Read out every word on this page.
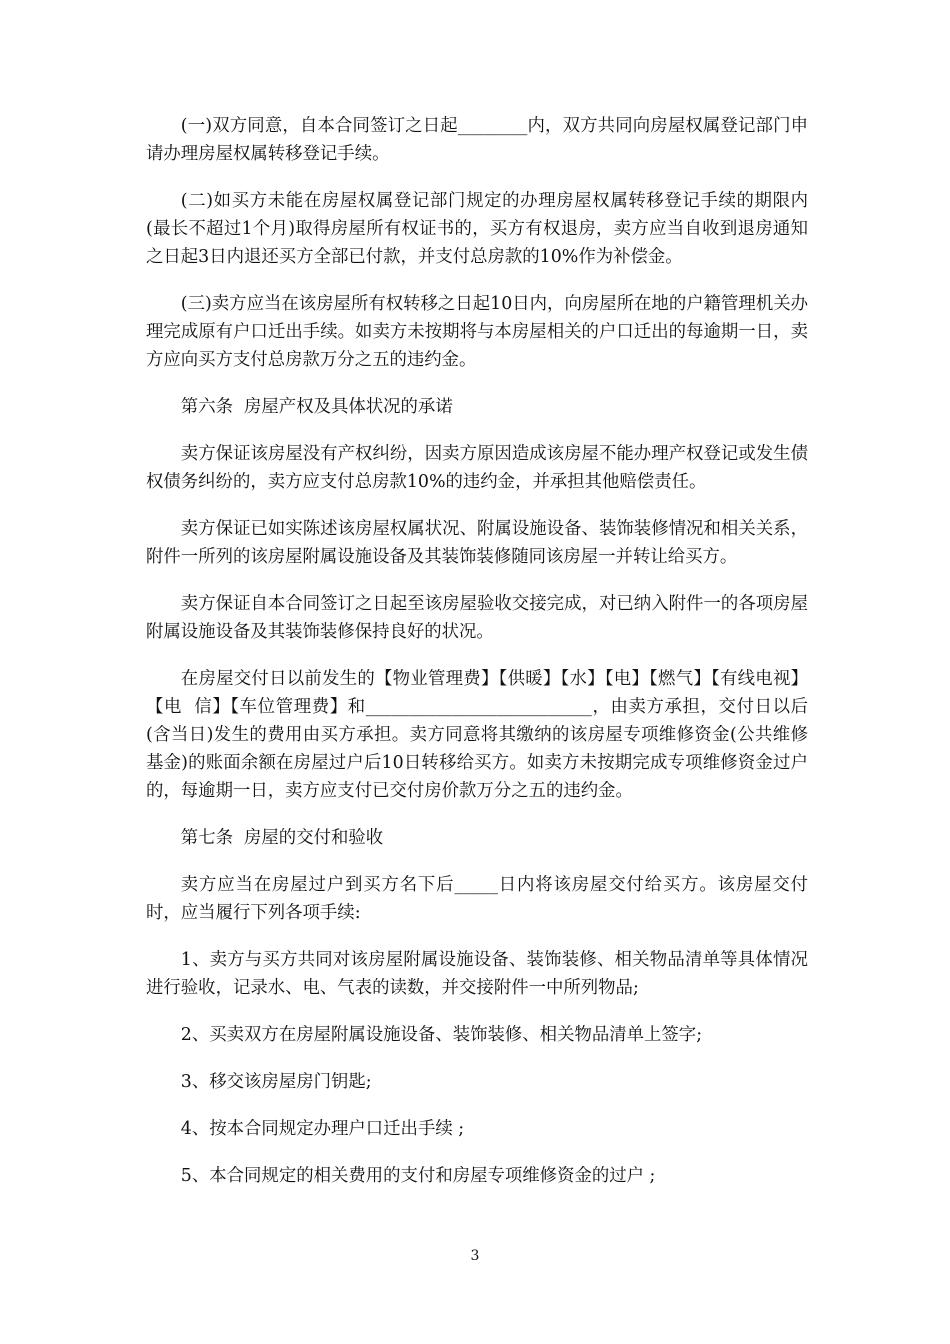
(一)双方同意，自本合同签订之日起________内，双方共同向房屋权属登记部门申请办理房屋权属转移登记手续。

(二)如买方未能在房屋权属登记部门规定的办理房屋权属转移登记手续的期限内(最长不超过1个月)取得房屋所有权证书的，买方有权退房，卖方应当自收到退房通知之日起3日内退还买方全部已付款，并支付总房款的10%作为补偿金。

(三)卖方应当在该房屋所有权转移之日起10日内，向房屋所在地的户籍管理机关办理完成原有户口迁出手续。如卖方未按期将与本房屋相关的户口迁出的每逾期一日，卖方应向买方支付总房款万分之五的违约金。

第六条  房屋产权及具体状况的承诺

卖方保证该房屋没有产权纠纷，因卖方原因造成该房屋不能办理产权登记或发生债权债务纠纷的，卖方应支付总房款10%的违约金，并承担其他赔偿责任。

卖方保证已如实陈述该房屋权属状况、附属设施设备、装饰装修情况和相关关系，附件一所列的该房屋附属设施设备及其装饰装修随同该房屋一并转让给买方。

卖方保证自本合同签订之日起至该房屋验收交接完成，对已纳入附件一的各项房屋附属设施设备及其装饰装修保持良好的状况。

在房屋交付日以前发生的【物业管理费】【供暖】【水】【电】【燃气】【有线电视】【电  信】【车位管理费】和__________________________，由卖方承担，交付日以后(含当日)发生的费用由买方承担。卖方同意将其缴纳的该房屋专项维修资金(公共维修基金)的账面余额在房屋过户后10日转移给买方。如卖方未按期完成专项维修资金过户的，每逾期一日，卖方应支付已交付房价款万分之五的违约金。

第七条  房屋的交付和验收

卖方应当在房屋过户到买方名下后_____日内将该房屋交付给买方。该房屋交付时，应当履行下列各项手续:

1、卖方与买方共同对该房屋附属设施设备、装饰装修、相关物品清单等具体情况进行验收，记录水、电、气表的读数，并交接附件一中所列物品;

2、买卖双方在房屋附属设施设备、装饰装修、相关物品清单上签字;

3、移交该房屋房门钥匙;

4、按本合同规定办理户口迁出手续 ;

5、本合同规定的相关费用的支付和房屋专项维修资金的过户 ;

3
